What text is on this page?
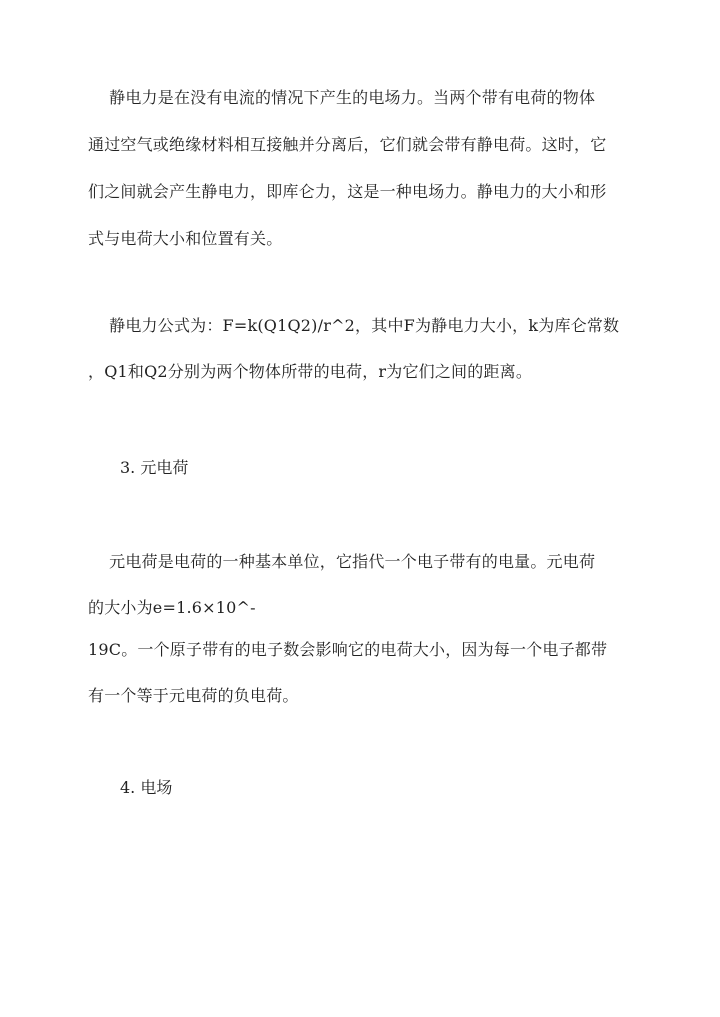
静电力是在没有电流的情况下产生的电场力。当两个带有电荷的物体
通过空气或绝缘材料相互接触并分离后，它们就会带有静电荷。这时，它
们之间就会产生静电力，即库仑力，这是一种电场力。静电力的大小和形
式与电荷大小和位置有关。
静电力公式为：F=k(Q1Q2)/r^2，其中F为静电力大小，k为库仑常数
，Q1和Q2分别为两个物体所带的电荷，r为它们之间的距离。
3. 元电荷
元电荷是电荷的一种基本单位，它指代一个电子带有的电量。元电荷
的大小为e=1.6×10^-
19C。一个原子带有的电子数会影响它的电荷大小，因为每一个电子都带
有一个等于元电荷的负电荷。
4. 电场
